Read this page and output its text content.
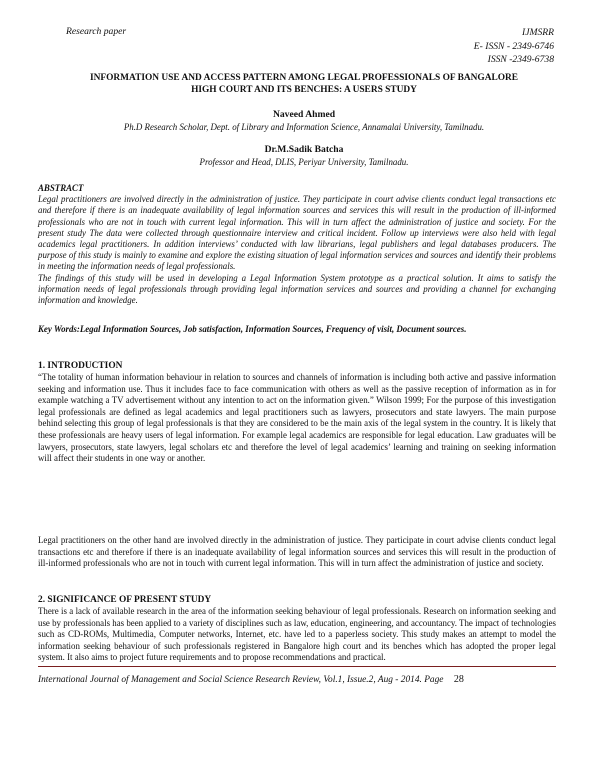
Research paper	IJMSRR
E- ISSN - 2349-6746
ISSN -2349-6738
INFORMATION USE AND ACCESS PATTERN AMONG LEGAL PROFESSIONALS OF BANGALORE
HIGH COURT AND ITS BENCHES: A USERS STUDY
Naveed Ahmed
Ph.D Research Scholar, Dept. of Library and Information Science, Annamalai University, Tamilnadu.
Dr.M.Sadik Batcha
Professor and Head, DLIS, Periyar University, Tamilnadu.
ABSTRACT

Legal practitioners are involved directly in the administration of justice. They participate in court advise clients conduct legal transactions etc and therefore if there is an inadequate availability of legal information sources and services this will result in the production of ill-informed professionals who are not in touch with current legal information. This will in turn affect the administration of justice and society. For the present study The data were collected through questionnaire interview and critical incident. Follow up interviews were also held with legal academics legal practitioners. In addition interviews’ conducted with law librarians, legal publishers and legal databases producers. The purpose of this study is mainly to examine and explore the existing situation of legal information services and sources and identify their problems in meeting the information needs of legal professionals.

The findings of this study will be used in developing a Legal Information System prototype as a practical solution. It aims to satisfy the information needs of legal professionals through providing legal information services and sources and providing a channel for exchanging information and knowledge.

Key Words:Legal Information Sources, Job satisfaction, Information Sources, Frequency of visit, Document sources.
1. INTRODUCTION

“The totality of human information behaviour in relation to sources and channels of information is including both active and passive information seeking and information use. Thus it includes face to face communication with others as well as the passive reception of information as in for example watching a TV advertisement without any intention to act on the information given.” Wilson 1999; For the purpose of this investigation legal professionals are defined as legal academics and legal practitioners such as lawyers, prosecutors and state lawyers. The main purpose behind selecting this group of legal professionals is that they are considered to be the main axis of the legal system in the country. It is likely that these professionals are heavy users of legal information. For example legal academics are responsible for legal education. Law graduates will be lawyers, prosecutors, state lawyers, legal scholars etc and therefore the level of legal academics’ learning and training on seeking information will affect their students in one way or another.

Legal practitioners on the other hand are involved directly in the administration of justice. They participate in court advise clients conduct legal transactions etc and therefore if there is an inadequate availability of legal information sources and services this will result in the production of ill-informed professionals who are not in touch with current legal information. This will in turn affect the administration of justice and society.

2. SIGNIFICANCE OF PRESENT STUDY

There is a lack of available research in the area of the information seeking behaviour of legal professionals. Research on information seeking and use by professionals has been applied to a variety of disciplines such as law, education, engineering, and accountancy. The impact of technologies such as CD-ROMs, Multimedia, Computer networks, Internet, etc. have led to a paperless society. This study makes an attempt to model the information seeking behaviour of such professionals registered in Bangalore high court and its benches which has adopted the proper legal system. It also aims to project future requirements and to propose recommendations and practical.

International Journal of Management and Social Science Research Review, Vol.1, Issue.2, Aug - 2014. Page 28
